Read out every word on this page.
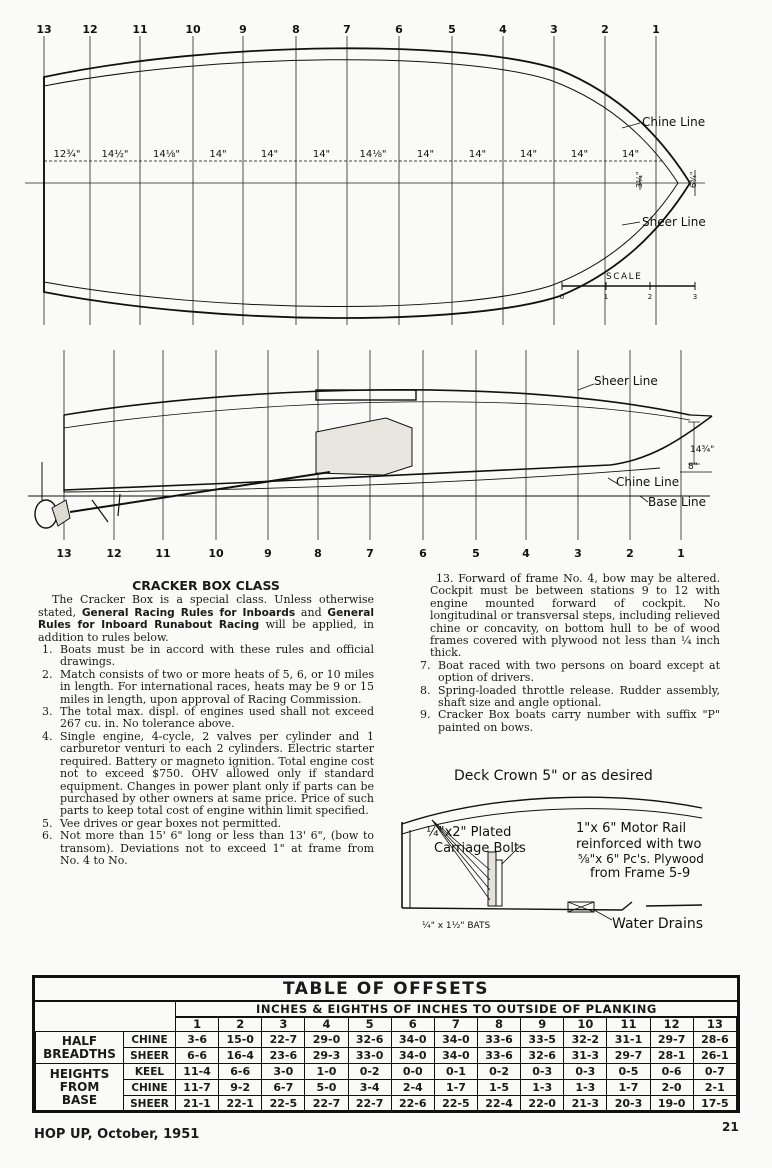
12¾" 14½" 14⅛"	14"	14"	14"	14⅛"	14"	14"	14"	14"	14"
13	12	11	10	9	8	7	6	5	4	3	2	1
Chine Line
Sheer Line
3¼"	6¾"
SCALE
0	1	2	3
13	12	11	10	9	8	7	6	5	4	3	2	1
Sheer Line
Chine Line
Base Line
14¾"
8"
CRACKER BOX CLASS

The Cracker Box is a special class. Unless otherwise stated, General Racing Rules for Inboards and General Rules for Inboard Runabout Racing will be applied, in addition to rules below.

1. Boats must be in accord with these rules and official drawings.
2. Match consists of two or more heats of 5, 6, or 10 miles in length. For international races, heats may be 9 or 15 miles in length, upon approval of Racing Commission.
3. The total max. displ. of engines used shall not exceed 267 cu. in. No tolerance above.
4. Single engine, 4-cycle, 2 valves per cylinder and 1 carburetor venturi to each 2 cylinders. Electric starter required. Battery or magneto ignition. Total engine cost not to exceed $750. OHV allowed only if standard equipment. Changes in power plant only if parts can be purchased by other owners at same price. Price of such parts to keep total cost of engine within limit specified.
5. Vee drives or gear boxes not permitted.
6. Not more than 15' 6" long or less than 13' 6", (bow to transom). Deviations not to exceed 1" at frame from No. 4 to No.

13. Forward of frame No. 4, bow may be altered. Cockpit must be between stations 9 to 12 with engine mounted forward of cockpit. No longitudinal or transversal steps, including relieved chine or concavity, on bottom hull to be of wood frames covered with plywood not less than ¼ inch thick.

7. Boat raced with two persons on board except at option of drivers.
8. Spring-loaded throttle release. Rudder assembly, shaft size and angle optional.
9. Cracker Box boats carry number with suffix "P" painted on bows.
Deck Crown 5" or as desired
¼"x2" Plated
Carriage Bolts
1"x 6" Motor Rail
reinforced with two
⅝"x 6" Pc's. Plywood
from Frame 5-9
¼" x 1½" BATS	Water Drains
TABLE OF OFFSETS
INCHES & EIGHTHS OF INCHES TO OUTSIDE OF PLANKING
		1	2	3	4	5	6	7	8	9	10	11	12	13

HALF
BREADTHS	CHINE	3-6	15-0	22-7	29-0	32-6	34-0	34-0	33-6	33-5	32-2	31-1	29-7	28-6
	SHEER	6-6	16-4	23-6	29-3	33-0	34-0	34-0	33-6	32-6	31-3	29-7	28-1	26-1

HEIGHTS
FROM
BASE	KEEL	11-4	6-6	3-0	1-0	0-2	0-0	0-1	0-2	0-3	0-3	0-5	0-6	0-7
	CHINE	11-7	9-2	6-7	5-0	3-4	2-4	1-7	1-5	1-3	1-3	1-7	2-0	2-1
	SHEER	21-1	22-1	22-5	22-7	22-7	22-6	22-5	22-4	22-0	21-3	20-3	19-0	17-5
HOP UP, October, 1951	21
